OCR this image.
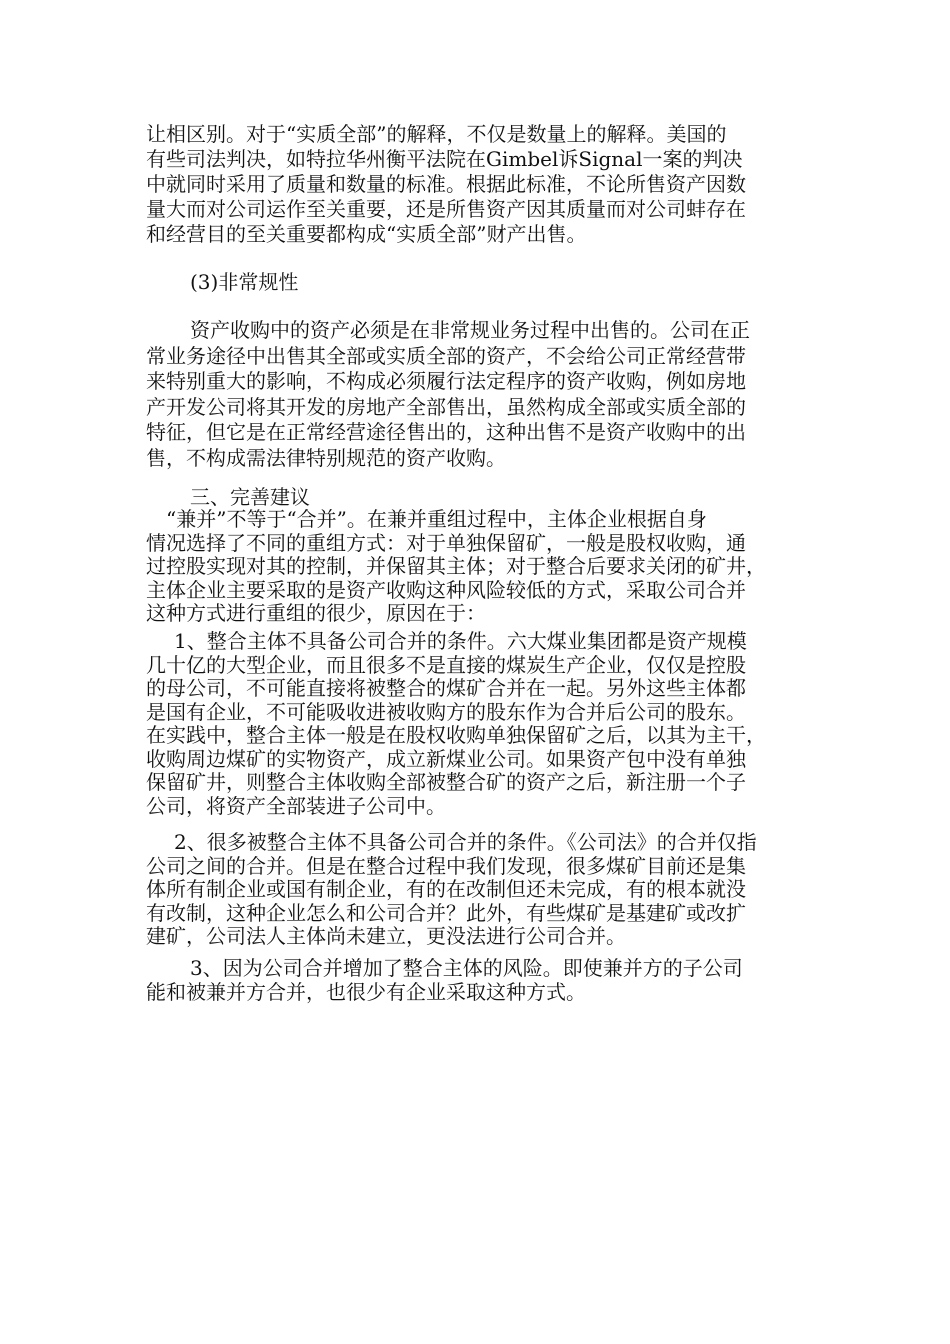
让相区别。对于“实质全部”的解释，不仅是数量上的解释。美国的
有些司法判决，如特拉华州衡平法院在Gimbel诉Signal一案的判决
中就同时采用了质量和数量的标准。根据此标准，不论所售资产因数
量大而对公司运作至关重要，还是所售资产因其质量而对公司蚌存在
和经营目的至关重要都构成“实质全部”财产出售。
(3)非常规性
资产收购中的资产必须是在非常规业务过程中出售的。公司在正
常业务途径中出售其全部或实质全部的资产，不会给公司正常经营带
来特别重大的影响，不构成必须履行法定程序的资产收购，例如房地
产开发公司将其开发的房地产全部售出，虽然构成全部或实质全部的
特征，但它是在正常经营途径售出的，这种出售不是资产收购中的出
售，不构成需法律特别规范的资产收购。
三、完善建议
“兼并”不等于“合并”。在兼并重组过程中，主体企业根据自身
情况选择了不同的重组方式：对于单独保留矿，一般是股权收购，通
过控股实现对其的控制，并保留其主体；对于整合后要求关闭的矿井，
主体企业主要采取的是资产收购这种风险较低的方式，采取公司合并
这种方式进行重组的很少，原因在于：
1、整合主体不具备公司合并的条件。六大煤业集团都是资产规模
几十亿的大型企业，而且很多不是直接的煤炭生产企业，仅仅是控股
的母公司，不可能直接将被整合的煤矿合并在一起。另外这些主体都
是国有企业，不可能吸收进被收购方的股东作为合并后公司的股东。
在实践中，整合主体一般是在股权收购单独保留矿之后，以其为主干，
收购周边煤矿的实物资产，成立新煤业公司。如果资产包中没有单独
保留矿井，则整合主体收购全部被整合矿的资产之后，新注册一个子
公司，将资产全部装进子公司中。
2、很多被整合主体不具备公司合并的条件。《公司法》的合并仅指
公司之间的合并。但是在整合过程中我们发现，很多煤矿目前还是集
体所有制企业或国有制企业，有的在改制但还未完成，有的根本就没
有改制，这种企业怎么和公司合并？此外，有些煤矿是基建矿或改扩
建矿，公司法人主体尚未建立，更没法进行公司合并。
3、因为公司合并增加了整合主体的风险。即使兼并方的子公司
能和被兼并方合并，也很少有企业采取这种方式。
